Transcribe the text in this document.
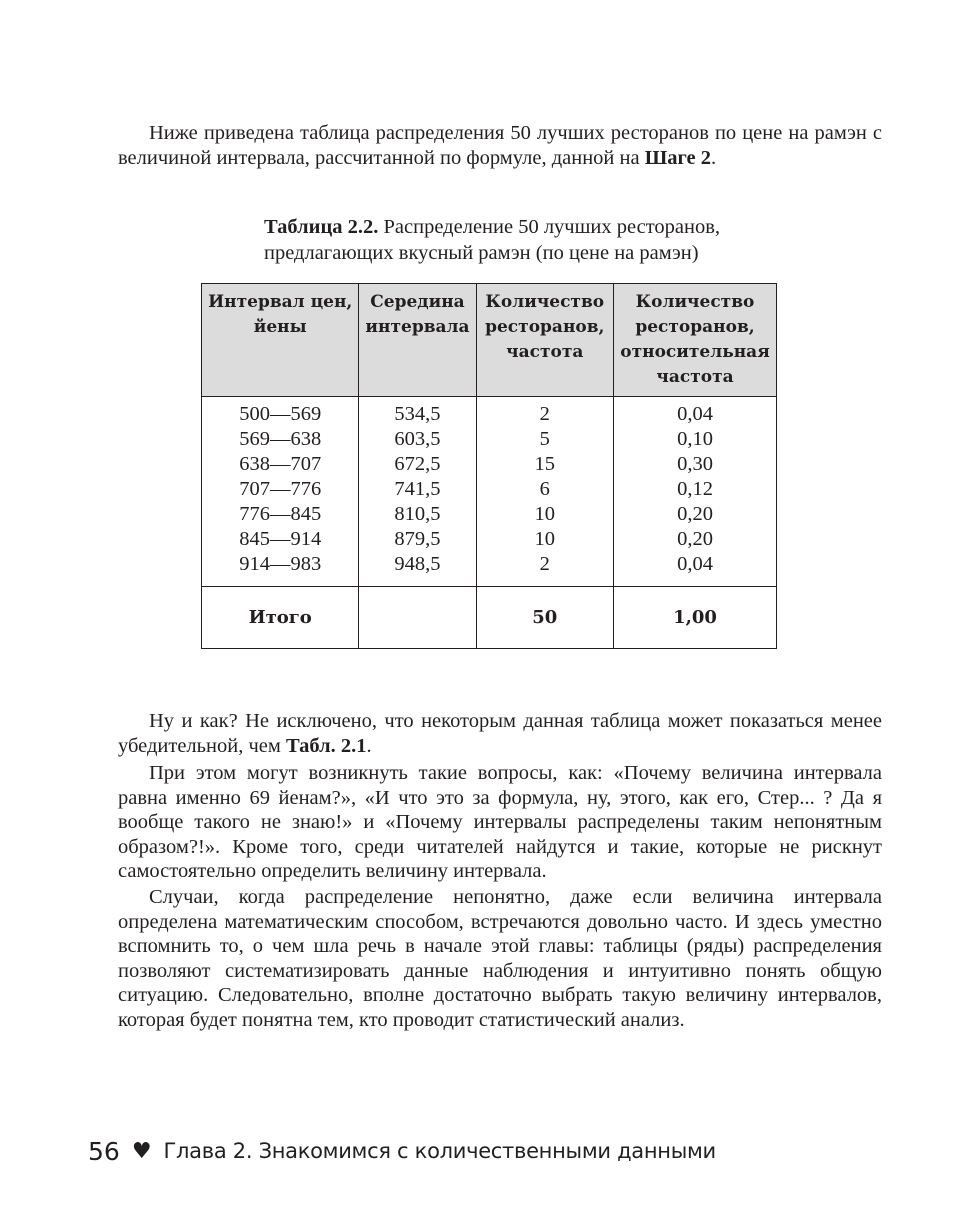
Ниже приведена таблица распределения 50 лучших ресторанов по цене на рамэн с величиной интервала, рассчитанной по формуле, данной на Шаге 2.

Таблица 2.2. Распределение 50 лучших ресторанов, предлагающих вкусный рамэн (по цене на рамэн)

Интервал цен, йены	Середина интервала	Количество ресторанов, частота	Количество ресторанов, относительная частота
500—569	534,5	2	0,04
569—638	603,5	5	0,10
638—707	672,5	15	0,30
707—776	741,5	6	0,12
776—845	810,5	10	0,20
845—914	879,5	10	0,20
914—983	948,5	2	0,04
Итого		50	1,00

Ну и как? Не исключено, что некоторым данная таблица может показаться менее убедительной, чем Табл. 2.1.

При этом могут возникнуть такие вопросы, как: «Почему величина интервала равна именно 69 йенам?», «И что это за формула, ну, этого, как его, Стер... ? Да я вообще такого не знаю!» и «Почему интервалы распределены таким непонятным образом?!». Кроме того, среди читателей найдутся и такие, которые не рискнут самостоятельно определить величину интервала.

Случаи, когда распределение непонятно, даже если величина интервала определена математическим способом, встречаются довольно часто. И здесь уместно вспомнить то, о чем шла речь в начале этой главы: таблицы (ряды) распределения позволяют систематизировать данные наблюдения и интуитивно понять общую ситуацию. Следовательно, вполне достаточно выбрать такую величину интервалов, которая будет понятна тем, кто проводит статистический анализ.

56 ♥ Глава 2. Знакомимся с количественными данными
